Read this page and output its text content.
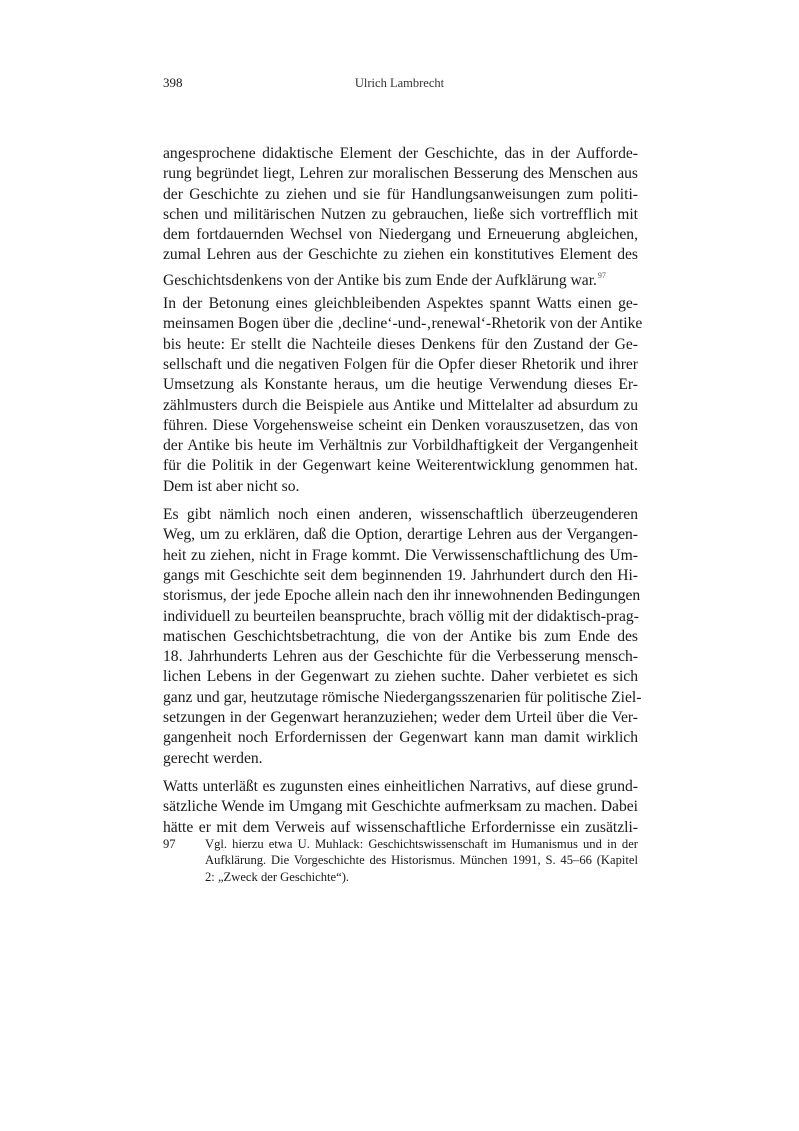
398	Ulrich Lambrecht
angesprochene didaktische Element der Geschichte, das in der Aufforde-
rung begründet liegt, Lehren zur moralischen Besserung des Menschen aus
der Geschichte zu ziehen und sie für Handlungsanweisungen zum politi-
schen und militärischen Nutzen zu gebrauchen, ließe sich vortrefflich mit
dem fortdauernden Wechsel von Niedergang und Erneuerung abgleichen,
zumal Lehren aus der Geschichte zu ziehen ein konstitutives Element des
Geschichtsdenkens von der Antike bis zum Ende der Aufklärung war.$^{97}$
In der Betonung eines gleichbleibenden Aspektes spannt Watts einen ge-
meinsamen Bogen über die ‚decline‘-und-‚renewal‘-Rhetorik von der Antike
bis heute: Er stellt die Nachteile dieses Denkens für den Zustand der Ge-
sellschaft und die negativen Folgen für die Opfer dieser Rhetorik und ihrer
Umsetzung als Konstante heraus, um die heutige Verwendung dieses Er-
zählmusters durch die Beispiele aus Antike und Mittelalter ad absurdum zu
führen. Diese Vorgehensweise scheint ein Denken vorauszusetzen, das von
der Antike bis heute im Verhältnis zur Vorbildhaftigkeit der Vergangenheit
für die Politik in der Gegenwart keine Weiterentwicklung genommen hat.
Dem ist aber nicht so.
Es gibt nämlich noch einen anderen, wissenschaftlich überzeugenderen
Weg, um zu erklären, daß die Option, derartige Lehren aus der Vergangen-
heit zu ziehen, nicht in Frage kommt. Die Verwissenschaftlichung des Um-
gangs mit Geschichte seit dem beginnenden 19. Jahrhundert durch den Hi-
storismus, der jede Epoche allein nach den ihr innewohnenden Bedingungen
individuell zu beurteilen beanspruchte, brach völlig mit der didaktisch-prag-
matischen Geschichtsbetrachtung, die von der Antike bis zum Ende des
18. Jahrhunderts Lehren aus der Geschichte für die Verbesserung mensch-
lichen Lebens in der Gegenwart zu ziehen suchte. Daher verbietet es sich
ganz und gar, heutzutage römische Niedergangsszenarien für politische Ziel-
setzungen in der Gegenwart heranzuziehen; weder dem Urteil über die Ver-
gangenheit noch Erfordernissen der Gegenwart kann man damit wirklich
gerecht werden.
Watts unterläßt es zugunsten eines einheitlichen Narrativs, auf diese grund-
sätzliche Wende im Umgang mit Geschichte aufmerksam zu machen. Dabei
hätte er mit dem Verweis auf wissenschaftliche Erfordernisse ein zusätzli-
97	Vgl. hierzu etwa U. Muhlack: Geschichtswissenschaft im Humanismus und in der
Aufklärung. Die Vorgeschichte des Historismus. München 1991, S. 45–66 (Kapitel
2: „Zweck der Geschichte“).
